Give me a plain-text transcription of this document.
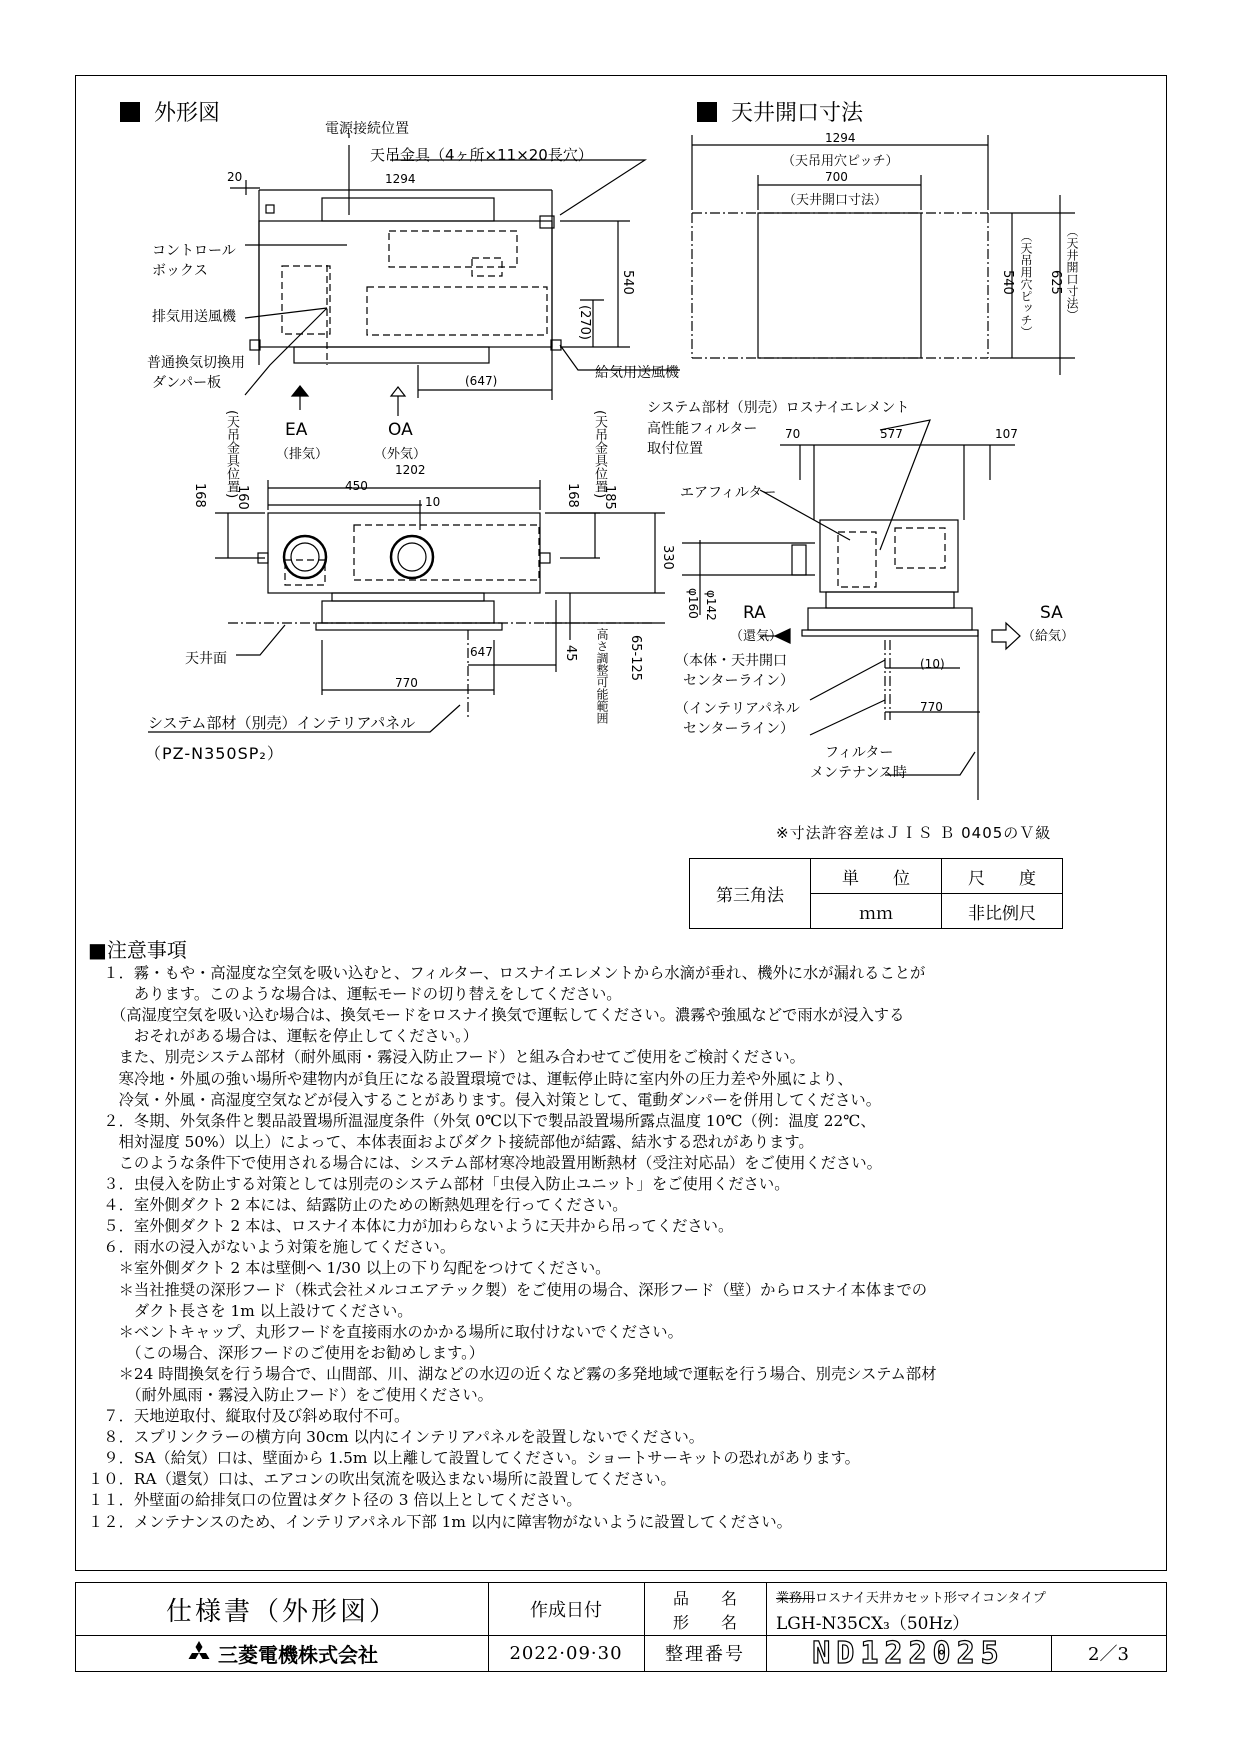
外形図	天井開口寸法
電源接続位置
天吊金具（4ヶ所×11×20長穴）
20	1294
コントロール
ボックス
排気用送風機
普通換気切換用
ダンパー板
給気用送風機
540
(270)
(647)
EA
（排気）
OA
（外気）
(天吊金具位置)	(天吊金具位置)
168 160	168 185
450
1202
10
330
647	45 高さ調整可能範囲 65-125
770
天井面
システム部材（別売）インテリアパネル
（PZ-N350SP₂）
1294
（天吊用穴ピッチ）
700
（天井開口寸法）
540 （天吊用穴ピッチ） 625 （天井開口寸法）
システム部材（別売）ロスナイエレメント
高性能フィルター
取付位置
70	577	107
エアフィルター
φ160 φ142 RA
（還気）
SA
（給気）
（本体・天井開口
センターライン）
（インテリアパネル
センターライン）
(10)
770
フィルター
メンテナンス時
※寸法許容差はＪＩＳ Ｂ 0405のＶ級
第三角法	単　　位	尺　　度
	ｍｍ	非比例尺
■注意事項

　１．霧・もや・高湿度な空気を吸い込むと、フィルター、ロスナイエレメントから水滴が垂れ、機外に水が漏れることが

　　　あります。このような場合は、運転モードの切り替えをしてください。

　　（高湿度空気を吸い込む場合は、換気モードをロスナイ換気で運転してください。濃霧や強風などで雨水が浸入する

　　　おそれがある場合は、運転を停止してください。）

　　また、別売システム部材（耐外風雨・霧浸入防止フード）と組み合わせてご使用をご検討ください。

　　寒冷地・外風の強い場所や建物内が負圧になる設置環境では、運転停止時に室内外の圧力差や外風により、

　　冷気・外風・高湿度空気などが侵入することがあります。侵入対策として、電動ダンパーを併用してください。

　２．冬期、外気条件と製品設置場所温湿度条件（外気 0℃以下で製品設置場所露点温度 10℃（例：温度 22℃、

　　相対湿度 50%）以上）によって、本体表面およびダクト接続部他が結露、結氷する恐れがあります。

　　このような条件下で使用される場合には、システム部材寒冷地設置用断熱材（受注対応品）をご使用ください。

　３．虫侵入を防止する対策としては別売のシステム部材「虫侵入防止ユニット」をご使用ください。

　４．室外側ダクト 2 本には、結露防止のための断熱処理を行ってください。

　５．室外側ダクト 2 本は、ロスナイ本体に力が加わらないように天井から吊ってください。

　６．雨水の浸入がないよう対策を施してください。

　　＊室外側ダクト 2 本は壁側へ 1/30 以上の下り勾配をつけてください。

　　＊当社推奨の深形フード（株式会社メルコエアテック製）をご使用の場合、深形フード（壁）からロスナイ本体までの

　　　ダクト長さを 1m 以上設けてください。

　　＊ベントキャップ、丸形フードを直接雨水のかかる場所に取付けないでください。

　　　（この場合、深形フードのご使用をお勧めします。）

　　＊24 時間換気を行う場合で、山間部、川、湖などの水辺の近くなど霧の多発地域で運転を行う場合、別売システム部材

　　　（耐外風雨・霧浸入防止フード）をご使用ください。

　７．天地逆取付、縦取付及び斜め取付不可。

　８．スプリンクラーの横方向 30cm 以内にインテリアパネルを設置しないでください。

　９．SA（給気）口は、壁面から 1.5m 以上離して設置してください。ショートサーキットの恐れがあります。

１０．RA（還気）口は、エアコンの吹出気流を吸込まない場所に設置してください。

１１．外壁面の給排気口の位置はダクト径の 3 倍以上としてください。

１２．メンテナンスのため、インテリアパネル下部 1m 以内に障害物がないように設置してください。

仕様書（外形図）	作成日付
品　　名
形　　名
業務用ロスナイ天井カセット形マイコンタイプ
LGH-N35CX₃（50Hz）
三菱電機株式会社	2022·09·30	整理番号	ND122025	2／3
